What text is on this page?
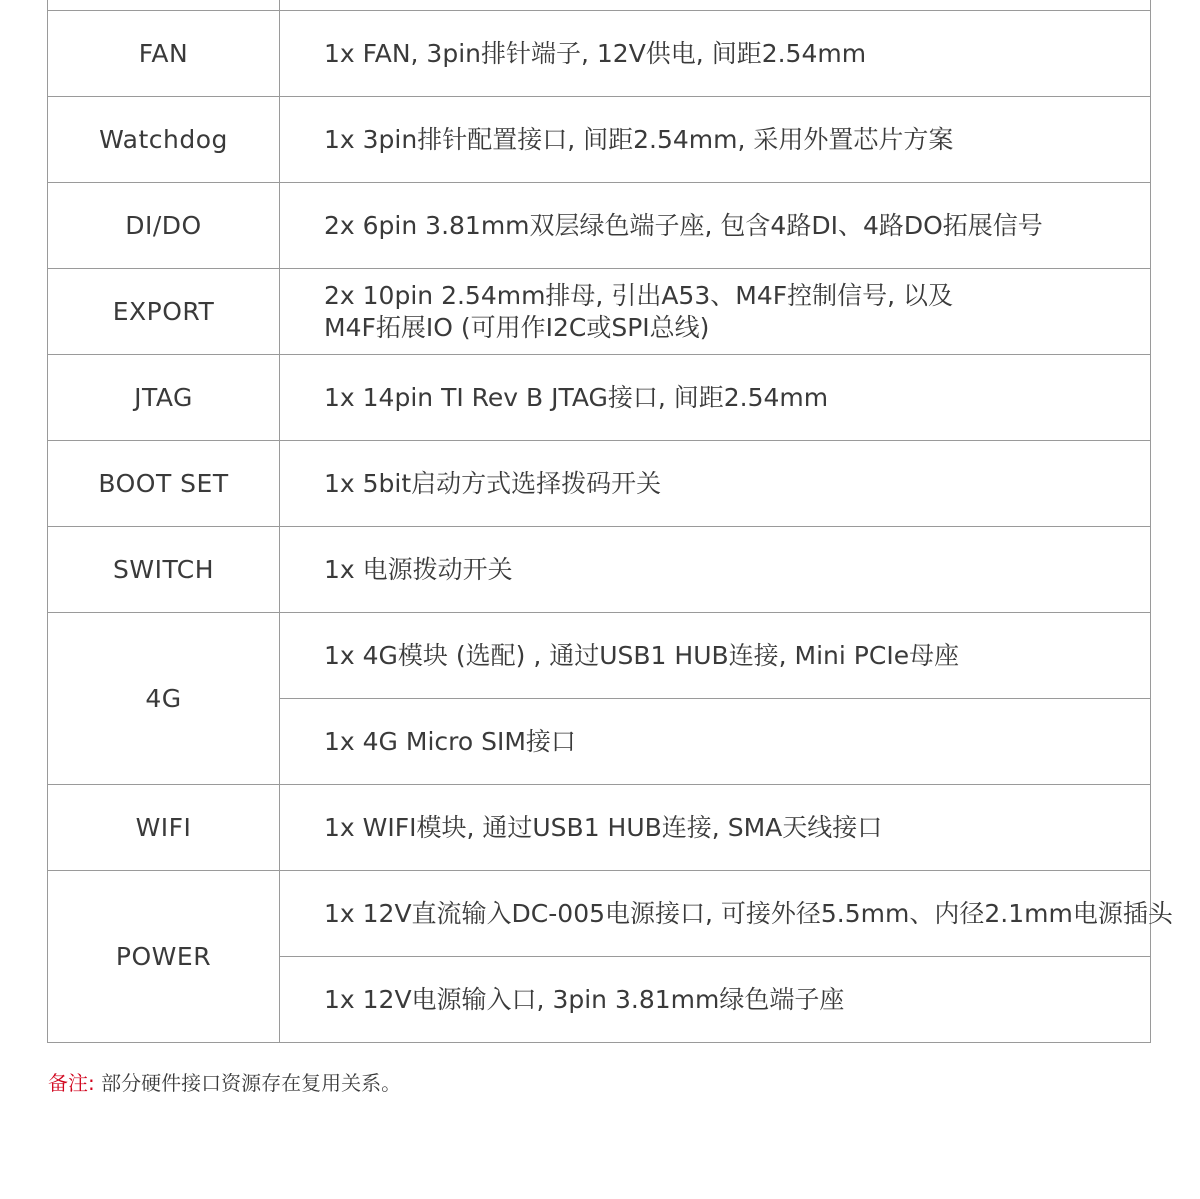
FAN	1x FAN, 3pin排针端子, 12V供电, 间距2.54mm
Watchdog	1x 3pin排针配置接口, 间距2.54mm, 采用外置芯片方案
DI/DO	2x 6pin 3.81mm双层绿色端子座, 包含4路DI、4路DO拓展信号
EXPORT	2x 10pin 2.54mm排母, 引出A53、M4F控制信号, 以及
M4F拓展IO (可用作I2C或SPI总线)

JTAG	1x 14pin TI Rev B JTAG接口, 间距2.54mm
BOOT SET	1x 5bit启动方式选择拨码开关
SWITCH	1x 电源拨动开关
4G	1x 4G模块 (选配) , 通过USB1 HUB连接, Mini PCIe母座
	1x 4G Micro SIM接口
WIFI	1x WIFI模块, 通过USB1 HUB连接, SMA天线接口
POWER	1x 12V直流输入DC-005电源接口, 可接外径5.5mm、内径2.1mm电源插头
	1x 12V电源输入口, 3pin 3.81mm绿色端子座
备注: 部分硬件接口资源存在复用关系。
